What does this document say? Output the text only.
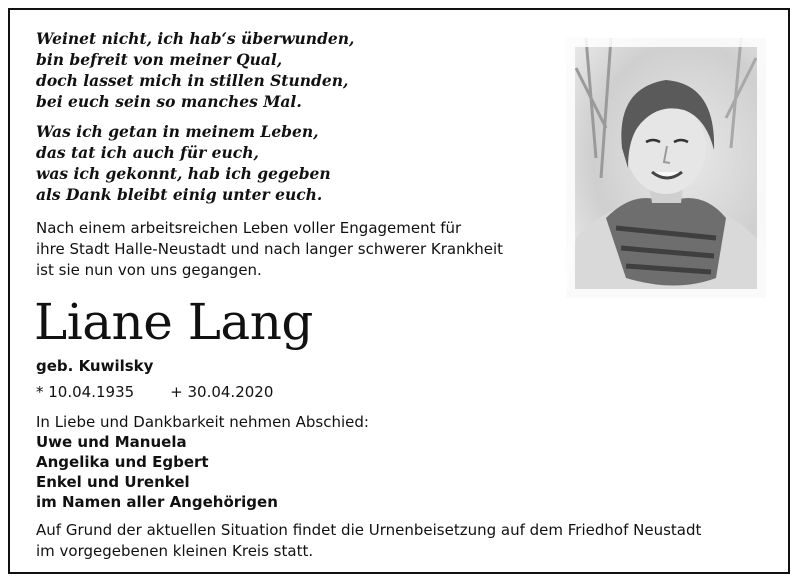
Weinet nicht, ich hab‘s überwunden,
bin befreit von meiner Qual,
doch lasset mich in stillen Stunden,
bei euch sein so manches Mal.
Was ich getan in meinem Leben,
das tat ich auch für euch,
was ich gekonnt, hab ich gegeben
als Dank bleibt einig unter euch.
Nach einem arbeitsreichen Leben voller Engagement für
ihre Stadt Halle-Neustadt und nach langer schwerer Krankheit
ist sie nun von uns gegangen.
Liane Lang
geb. Kuwilsky
* 10.04.1935 + 30.04.2020
In Liebe und Dankbarkeit nehmen Abschied:
Uwe und Manuela
Angelika und Egbert
Enkel und Urenkel
im Namen aller Angehörigen
Auf Grund der aktuellen Situation findet die Urnenbeisetzung auf dem Friedhof Neustadt
im vorgegebenen kleinen Kreis statt.
